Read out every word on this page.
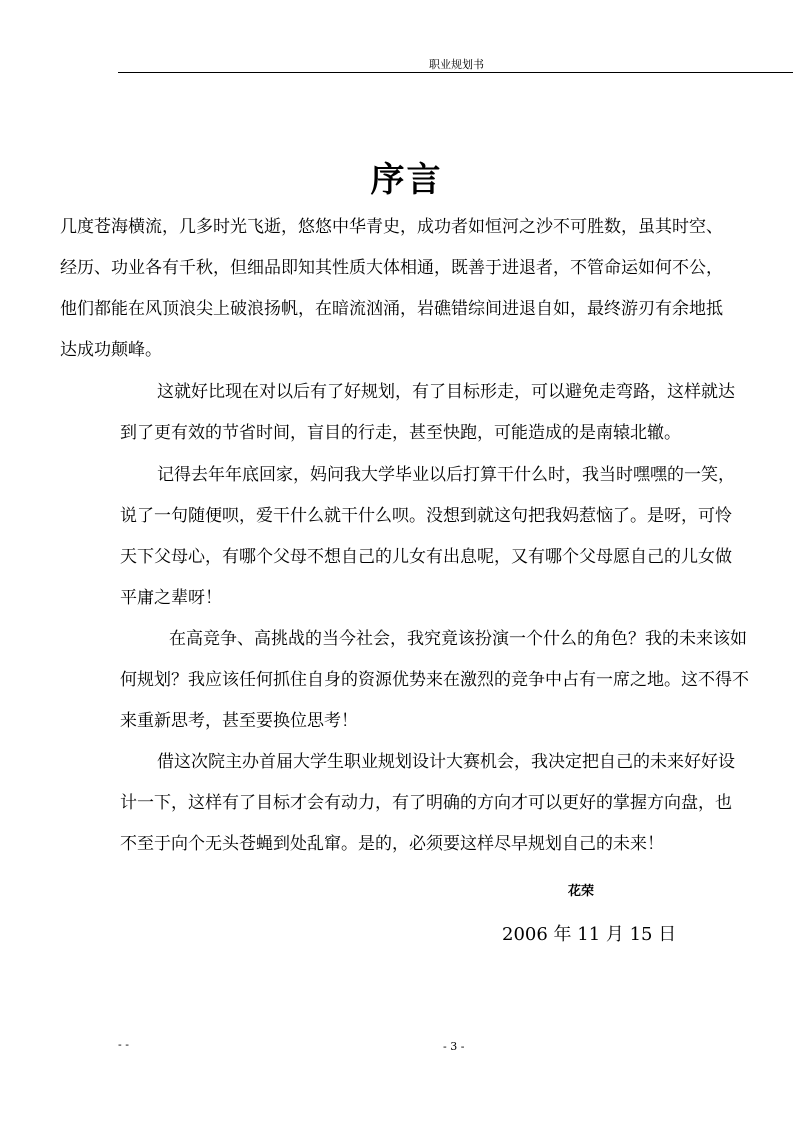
职业规划书
序言
几度苍海横流，几多时光飞逝，悠悠中华青史，成功者如恒河之沙不可胜数，虽其时空、
经历、功业各有千秋，但细品即知其性质大体相通，既善于进退者，不管命运如何不公，
他们都能在风顶浪尖上破浪扬帆，在暗流汹涌，岩礁错综间进退自如，最终游刃有余地抵
达成功颠峰。
这就好比现在对以后有了好规划，有了目标形走，可以避免走弯路，这样就达
到了更有效的节省时间，盲目的行走，甚至快跑，可能造成的是南辕北辙。
记得去年年底回家，妈问我大学毕业以后打算干什么时，我当时嘿嘿的一笑，
说了一句随便呗，爱干什么就干什么呗。没想到就这句把我妈惹恼了。是呀，可怜
天下父母心，有哪个父母不想自己的儿女有出息呢，又有哪个父母愿自己的儿女做
平庸之辈呀！
在高竞争、高挑战的当今社会，我究竟该扮演一个什么的角色？我的未来该如
何规划？我应该任何抓住自身的资源优势来在激烈的竞争中占有一席之地。这不得不
来重新思考，甚至要换位思考！
借这次院主办首届大学生职业规划设计大赛机会，我决定把自己的未来好好设
计一下，这样有了目标才会有动力，有了明确的方向才可以更好的掌握方向盘，也
不至于向个无头苍蝇到处乱窜。是的，必须要这样尽早规划自己的未来！
花荣
2006 年 11 月 15 日
- -	- 3 -
